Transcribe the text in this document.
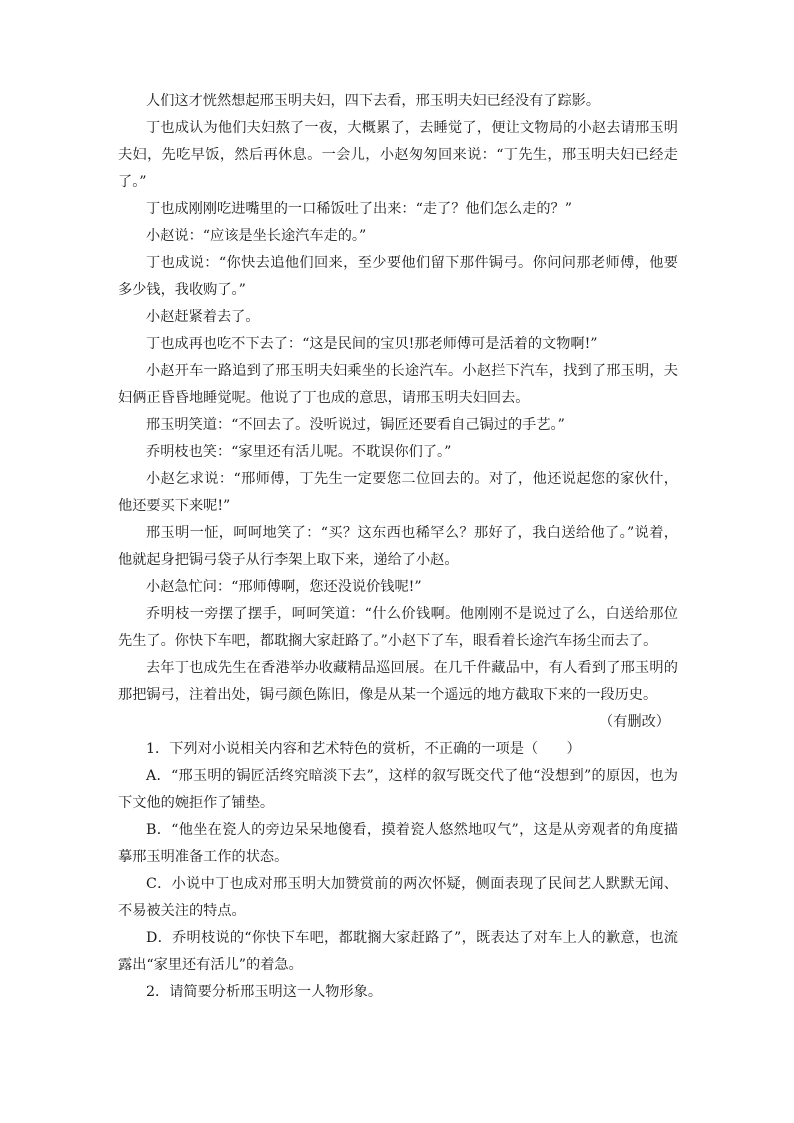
人们这才恍然想起邢玉明夫妇，四下去看，邢玉明夫妇已经没有了踪影。

丁也成认为他们夫妇熬了一夜，大概累了，去睡觉了，便让文物局的小赵去请邢玉明夫妇，先吃早饭，然后再休息。一会儿，小赵匆匆回来说：“丁先生，邢玉明夫妇已经走了。”

丁也成刚刚吃进嘴里的一口稀饭吐了出来：“走了？他们怎么走的？”

小赵说：“应该是坐长途汽车走的。”

丁也成说：“你快去追他们回来，至少要他们留下那件锔弓。你问问那老师傅，他要多少钱，我收购了。”

小赵赶紧着去了。

丁也成再也吃不下去了：“这是民间的宝贝!那老师傅可是活着的文物啊!”

小赵开车一路追到了邢玉明夫妇乘坐的长途汽车。小赵拦下汽车，找到了邢玉明，夫妇俩正昏昏地睡觉呢。他说了丁也成的意思，请邢玉明夫妇回去。

邢玉明笑道：“不回去了。没听说过，锔匠还要看自己锔过的手艺。”

乔明枝也笑：“家里还有活儿呢。不耽误你们了。”

小赵乞求说：“邢师傅，丁先生一定要您二位回去的。对了，他还说起您的家伙什，他还要买下来呢!”

邢玉明一怔，呵呵地笑了：“买？这东西也稀罕么？那好了，我白送给他了。”说着，他就起身把锔弓袋子从行李架上取下来，递给了小赵。

小赵急忙问：“邢师傅啊，您还没说价钱呢!”

乔明枝一旁摆了摆手，呵呵笑道：“什么价钱啊。他刚刚不是说过了么，白送给那位先生了。你快下车吧，都耽搁大家赶路了。”小赵下了车，眼看着长途汽车扬尘而去了。

去年丁也成先生在香港举办收藏精品巡回展。在几千件藏品中，有人看到了邢玉明的那把锔弓，注着出处，锔弓颜色陈旧，像是从某一个遥远的地方截取下来的一段历史。

（有删改）

1．下列对小说相关内容和艺术特色的赏析，不正确的一项是（　　）

A．“邢玉明的锔匠活终究暗淡下去”，这样的叙写既交代了他“没想到”的原因，也为下文他的婉拒作了铺垫。

B．“他坐在瓷人的旁边呆呆地傻看，摸着瓷人悠然地叹气”，这是从旁观者的角度描摹邢玉明准备工作的状态。

C．小说中丁也成对邢玉明大加赞赏前的两次怀疑，侧面表现了民间艺人默默无闻、不易被关注的特点。

D．乔明枝说的“你快下车吧，都耽搁大家赶路了”，既表达了对车上人的歉意，也流露出“家里还有活儿”的着急。

2．请简要分析邢玉明这一人物形象。
